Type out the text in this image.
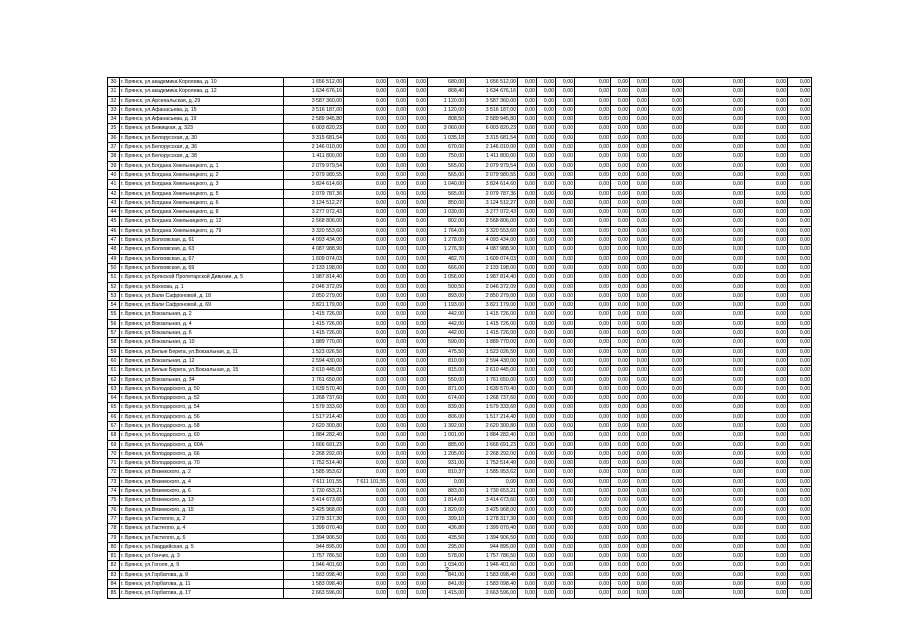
30	г. Брянск, ул.академика Королева, д. 10	1 656 512,00	0,00	0,00	0,00	680,00	1 656 512,00	0,00	0,00	0,00	0,00	0,00	0,00	0,00	0,00	0,00	0,00
31	г. Брянск, ул.академика Королева, д. 12	1 634 676,16	0,00	0,00	0,00	868,40	1 634 676,16	0,00	0,00	0,00	0,00	0,00	0,00	0,00	0,00	0,00	0,00
32	г. Брянск, ул.Арсенальская, д. 29	3 587 360,00	0,00	0,00	0,00	1 120,00	3 587 360,00	0,00	0,00	0,00	0,00	0,00	0,00	0,00	0,00	0,00	0,00
33	г. Брянск, ул.Афанасьева, д. 15	3 516 187,00	0,00	0,00	0,00	1 120,00	3 516 187,00	0,00	0,00	0,00	0,00	0,00	0,00	0,00	0,00	0,00	0,00
34	г. Брянск, ул.Афанасьева, д. 19	2 589 945,80	0,00	0,00	0,00	808,50	2 589 945,80	0,00	0,00	0,00	0,00	0,00	0,00	0,00	0,00	0,00	0,00
35	г. Брянск, ул.Бежицкая, д. 323	6 003 820,23	0,00	0,00	0,00	3 060,00	6 003 820,23	0,00	0,00	0,00	0,00	0,00	0,00	0,00	0,00	0,00	0,00
36	г. Брянск, ул.Белорусская, д. 30	3 315 681,54	0,00	0,00	0,00	1 035,18	3 315 681,54	0,00	0,00	0,00	0,00	0,00	0,00	0,00	0,00	0,00	0,00
37	г. Брянск, ул.Белорусская, д. 36	2 146 010,00	0,00	0,00	0,00	670,00	2 146 010,00	0,00	0,00	0,00	0,00	0,00	0,00	0,00	0,00	0,00	0,00
38	г. Брянск, ул.Белорусская, д. 38	1 411 800,00	0,00	0,00	0,00	750,00	1 411 800,00	0,00	0,00	0,00	0,00	0,00	0,00	0,00	0,00	0,00	0,00
39	г. Брянск, ул.Богдана Хмельницкого, д. 1	2 079 979,54	0,00	0,00	0,00	565,00	2 079 979,54	0,00	0,00	0,00	0,00	0,00	0,00	0,00	0,00	0,00	0,00
40	г. Брянск, ул.Богдана Хмельницкого, д. 2	2 079 980,55	0,00	0,00	0,00	565,00	2 079 980,55	0,00	0,00	0,00	0,00	0,00	0,00	0,00	0,00	0,00	0,00
41	г. Брянск, ул.Богдана Хмельницкого, д. 3	3 824 614,60	0,00	0,00	0,00	1 040,00	3 824 614,60	0,00	0,00	0,00	0,00	0,00	0,00	0,00	0,00	0,00	0,00
42	г. Брянск, ул.Богдана Хмельницкого, д. 5	2 079 787,36	0,00	0,00	0,00	565,00	2 079 787,36	0,00	0,00	0,00	0,00	0,00	0,00	0,00	0,00	0,00	0,00
43	г. Брянск, ул.Богдана Хмельницкого, д. 6	3 124 512,27	0,00	0,00	0,00	850,00	3 124 512,27	0,00	0,00	0,00	0,00	0,00	0,00	0,00	0,00	0,00	0,00
44	г. Брянск, ул.Богдана Хмельницкого, д. 8	3 277 072,43	0,00	0,00	0,00	1 030,00	3 277 072,43	0,00	0,00	0,00	0,00	0,00	0,00	0,00	0,00	0,00	0,00
45	г. Брянск, ул.Богдана Хмельницкого, д. 12	2 568 806,00	0,00	0,00	0,00	802,00	2 568 806,00	0,00	0,00	0,00	0,00	0,00	0,00	0,00	0,00	0,00	0,00
46	г. Брянск, ул.Богдана Хмельницкого, д. 79	3 320 553,60	0,00	0,00	0,00	1 764,00	3 320 553,60	0,00	0,00	0,00	0,00	0,00	0,00	0,00	0,00	0,00	0,00
47	г. Брянск, ул.Болховская, д. 61	4 093 434,00	0,00	0,00	0,00	1 278,00	4 093 434,00	0,00	0,00	0,00	0,00	0,00	0,00	0,00	0,00	0,00	0,00
48	г. Брянск, ул.Болховская, д. 63	4 087 988,90	0,00	0,00	0,00	1 276,30	4 087 988,90	0,00	0,00	0,00	0,00	0,00	0,00	0,00	0,00	0,00	0,00
49	г. Брянск, ул.Болховская, д. 67	1 609 074,03	0,00	0,00	0,00	482,70	1 609 074,03	0,00	0,00	0,00	0,00	0,00	0,00	0,00	0,00	0,00	0,00
50	г. Брянск, ул.Болховская, д. 69	2 133 198,00	0,00	0,00	0,00	666,00	2 133 198,00	0,00	0,00	0,00	0,00	0,00	0,00	0,00	0,00	0,00	0,00
51	г. Брянск, ул.Брянской Пролетарской Дивизии, д. 5	1 987 814,40	0,00	0,00	0,00	1 056,00	1 987 814,40	0,00	0,00	0,00	0,00	0,00	0,00	0,00	0,00	0,00	0,00
52	г. Брянск, ул.Вахнова, д. 1	2 046 372,09	0,00	0,00	0,00	500,50	2 046 372,09	0,00	0,00	0,00	0,00	0,00	0,00	0,00	0,00	0,00	0,00
53	г. Брянск, ул.Вали Сафроновой, д. 18	2 850 279,00	0,00	0,00	0,00	893,00	2 850 279,00	0,00	0,00	0,00	0,00	0,00	0,00	0,00	0,00	0,00	0,00
54	г. Брянск, ул.Вали Сафроновой, д. 69	3 821 179,00	0,00	0,00	0,00	1 193,00	3 821 179,00	0,00	0,00	0,00	0,00	0,00	0,00	0,00	0,00	0,00	0,00
55	г. Брянск, ул.Вокзальная, д. 2	1 415 726,00	0,00	0,00	0,00	442,00	1 415 726,00	0,00	0,00	0,00	0,00	0,00	0,00	0,00	0,00	0,00	0,00
56	г. Брянск, ул.Вокзальная, д. 4	1 415 726,00	0,00	0,00	0,00	442,00	1 415 726,00	0,00	0,00	0,00	0,00	0,00	0,00	0,00	0,00	0,00	0,00
57	г. Брянск, ул.Вокзальная, д. 6	1 415 726,00	0,00	0,00	0,00	442,00	1 415 726,00	0,00	0,00	0,00	0,00	0,00	0,00	0,00	0,00	0,00	0,00
58	г. Брянск, ул.Вокзальная, д. 10	1 889 770,00	0,00	0,00	0,00	590,00	1 889 770,00	0,00	0,00	0,00	0,00	0,00	0,00	0,00	0,00	0,00	0,00
59	г. Брянск, ул.Белые Берега, ул.Вокзальная, д. 11	1 523 026,50	0,00	0,00	0,00	475,50	1 523 026,50	0,00	0,00	0,00	0,00	0,00	0,00	0,00	0,00	0,00	0,00
60	г. Брянск, ул.Вокзальная, д. 12	2 594 430,00	0,00	0,00	0,00	810,00	2 594 430,00	0,00	0,00	0,00	0,00	0,00	0,00	0,00	0,00	0,00	0,00
61	г. Брянск, ул.Белые Берега, ул.Вокзальная, д. 15	2 610 445,00	0,00	0,00	0,00	815,00	2 610 445,00	0,00	0,00	0,00	0,00	0,00	0,00	0,00	0,00	0,00	0,00
62	г. Брянск, ул.Вокзальная, д. 34	1 761 650,00	0,00	0,00	0,00	550,00	1 761 650,00	0,00	0,00	0,00	0,00	0,00	0,00	0,00	0,00	0,00	0,00
63	г. Брянск, ул.Володарского, д. 50	1 639 570,40	0,00	0,00	0,00	871,00	1 639 570,40	0,00	0,00	0,00	0,00	0,00	0,00	0,00	0,00	0,00	0,00
64	г. Брянск, ул.Володарского, д. 52	1 268 737,60	0,00	0,00	0,00	674,00	1 268 737,60	0,00	0,00	0,00	0,00	0,00	0,00	0,00	0,00	0,00	0,00
65	г. Брянск, ул.Володарского, д. 54	1 579 333,60	0,00	0,00	0,00	839,00	1 579 333,60	0,00	0,00	0,00	0,00	0,00	0,00	0,00	0,00	0,00	0,00
66	г. Брянск, ул.Володарского, д. 56	1 517 214,40	0,00	0,00	0,00	806,00	1 517 214,40	0,00	0,00	0,00	0,00	0,00	0,00	0,00	0,00	0,00	0,00
67	г. Брянск, ул.Володарского, д. 58	2 620 300,80	0,00	0,00	0,00	1 392,00	2 620 300,80	0,00	0,00	0,00	0,00	0,00	0,00	0,00	0,00	0,00	0,00
68	г. Брянск, ул.Володарского, д. 60	1 884 282,40	0,00	0,00	0,00	1 001,00	1 884 282,40	0,00	0,00	0,00	0,00	0,00	0,00	0,00	0,00	0,00	0,00
69	г. Брянск, ул.Володарского, д. 60А	1 666 691,23	0,00	0,00	0,00	885,00	1 666 691,23	0,00	0,00	0,00	0,00	0,00	0,00	0,00	0,00	0,00	0,00
70	г. Брянск, ул.Володарского, д. 66	2 268 292,00	0,00	0,00	0,00	1 205,00	2 268 292,00	0,00	0,00	0,00	0,00	0,00	0,00	0,00	0,00	0,00	0,00
71	г. Брянск, ул.Володарского, д. 70	1 752 514,40	0,00	0,00	0,00	931,00	1 752 514,40	0,00	0,00	0,00	0,00	0,00	0,00	0,00	0,00	0,00	0,00
72	г. Брянск, ул.Вяземского, д. 2	1 585 953,62	0,00	0,00	0,00	810,37	1 585 953,62	0,00	0,00	0,00	0,00	0,00	0,00	0,00	0,00	0,00	0,00
73	г. Брянск, ул.Вяземского, д. 4	7 611 101,55	7 611 101,55	0,00	0,00	0,00	0,00	0,00	0,00	0,00	0,00	0,00	0,00	0,00	0,00	0,00	0,00
74	г. Брянск, ул.Вяземского, д. 6	1 730 653,21	0,00	0,00	0,00	883,00	1 730 653,21	0,00	0,00	0,00	0,00	0,00	0,00	0,00	0,00	0,00	0,00
75	г. Брянск, ул.Вяземского, д. 13	3 414 673,60	0,00	0,00	0,00	1 814,00	3 414 673,60	0,00	0,00	0,00	0,00	0,00	0,00	0,00	0,00	0,00	0,00
76	г. Брянск, ул.Вяземского, д. 15	3 425 968,00	0,00	0,00	0,00	1 820,00	3 425 968,00	0,00	0,00	0,00	0,00	0,00	0,00	0,00	0,00	0,00	0,00
77	г. Брянск, ул.Гастелло, д. 2	1 278 317,30	0,00	0,00	0,00	399,10	1 278 317,30	0,00	0,00	0,00	0,00	0,00	0,00	0,00	0,00	0,00	0,00
78	г. Брянск, ул.Гастелло, д. 4	1 399 070,40	0,00	0,00	0,00	436,80	1 399 070,40	0,00	0,00	0,00	0,00	0,00	0,00	0,00	0,00	0,00	0,00
79	г. Брянск, ул.Гастелло, д. 6	1 394 906,50	0,00	0,00	0,00	435,50	1 394 906,50	0,00	0,00	0,00	0,00	0,00	0,00	0,00	0,00	0,00	0,00
80	г. Брянск, ул.Гвардейская, д. 5	944 895,00	0,00	0,00	0,00	295,00	944 895,00	0,00	0,00	0,00	0,00	0,00	0,00	0,00	0,00	0,00	0,00
81	г. Брянск, ул.Гончих, д. 3	1 757 786,50	0,00	0,00	0,00	578,00	1 757 786,50	0,00	0,00	0,00	0,00	0,00	0,00	0,00	0,00	0,00	0,00
82	г. Брянск, ул.Гоголя, д. 9	1 946 401,60	0,00	0,00	0,00	1 034,00	1 946 401,60	0,00	0,00	0,00	0,00	0,00	0,00	0,00	0,00	0,00	0,00
83	г. Брянск, ул.Горбатова, д. 9	1 583 098,40	0,00	0,00	0,00	841,00	1 583 098,40	0,00	0,00	0,00	0,00	0,00	0,00	0,00	0,00	0,00	0,00
84	г. Брянск, ул.Горбатова, д. 11	1 583 098,40	0,00	0,00	0,00	841,00	1 583 098,40	0,00	0,00	0,00	0,00	0,00	0,00	0,00	0,00	0,00	0,00
85	г. Брянск, ул.Горбатова, д. 17	2 663 596,00	0,00	0,00	0,00	1 415,00	2 663 596,00	0,00	0,00	0,00	0,00	0,00	0,00	0,00	0,00	0,00	0,00
2
